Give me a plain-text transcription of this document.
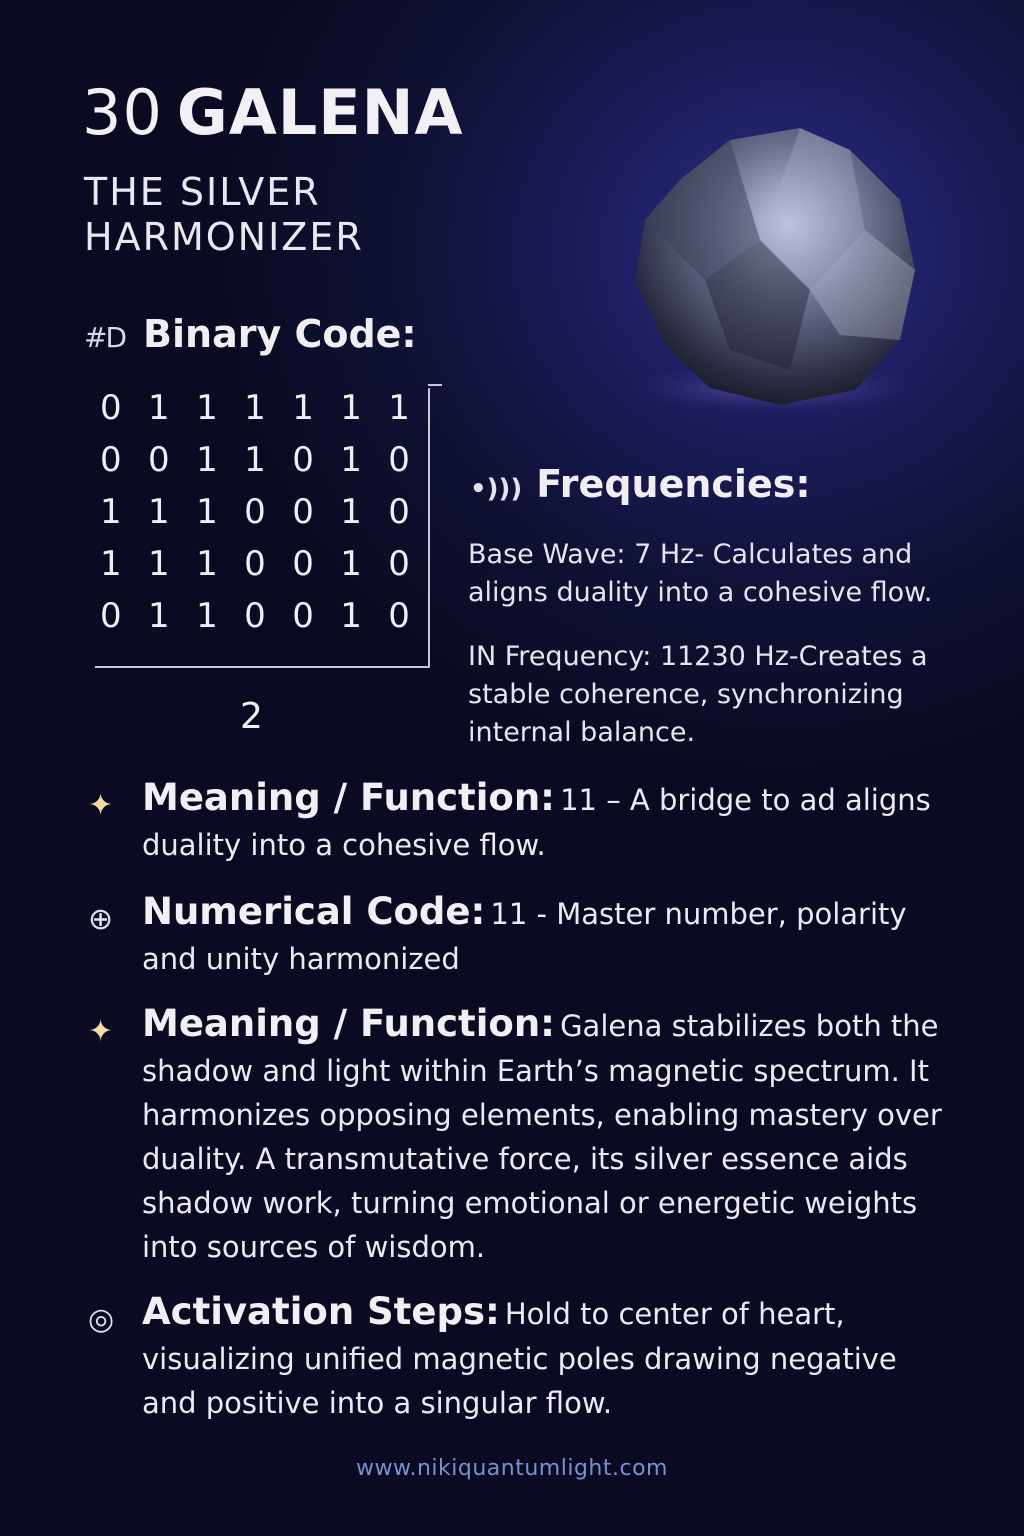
30 GALENA
THE SILVER
HARMONIZER
#D Binary Code:
0 1 1 1 1 1 1
0 0 1 1 0 1 0
1 1 1 0 0 1 0
1 1 1 0 0 1 0
0 1 1 0 0 1 0
2
•))) Frequencies:
Base Wave: 7 Hz- Calculates and aligns duality into a cohesive flow.
IN Frequency: 11230 Hz-Creates a stable coherence, synchronizing internal balance.
✦ Meaning / Function: 11 – A bridge to ad aligns
duality into a cohesive flow.
⊕ Numerical Code: 11 - Master number, polarity
and unity harmonized
✦ Meaning / Function: Galena stabilizes both the
shadow and light within Earth’s magnetic spectrum. It harmonizes opposing elements, enabling mastery over duality. A transmutative force, its silver essence aids shadow work, turning emotional or energetic weights into sources of wisdom.
◎ Activation Steps: Hold to center of heart,
visualizing unified magnetic poles drawing negative and positive into a singular flow.
www.nikiquantumlight.com
